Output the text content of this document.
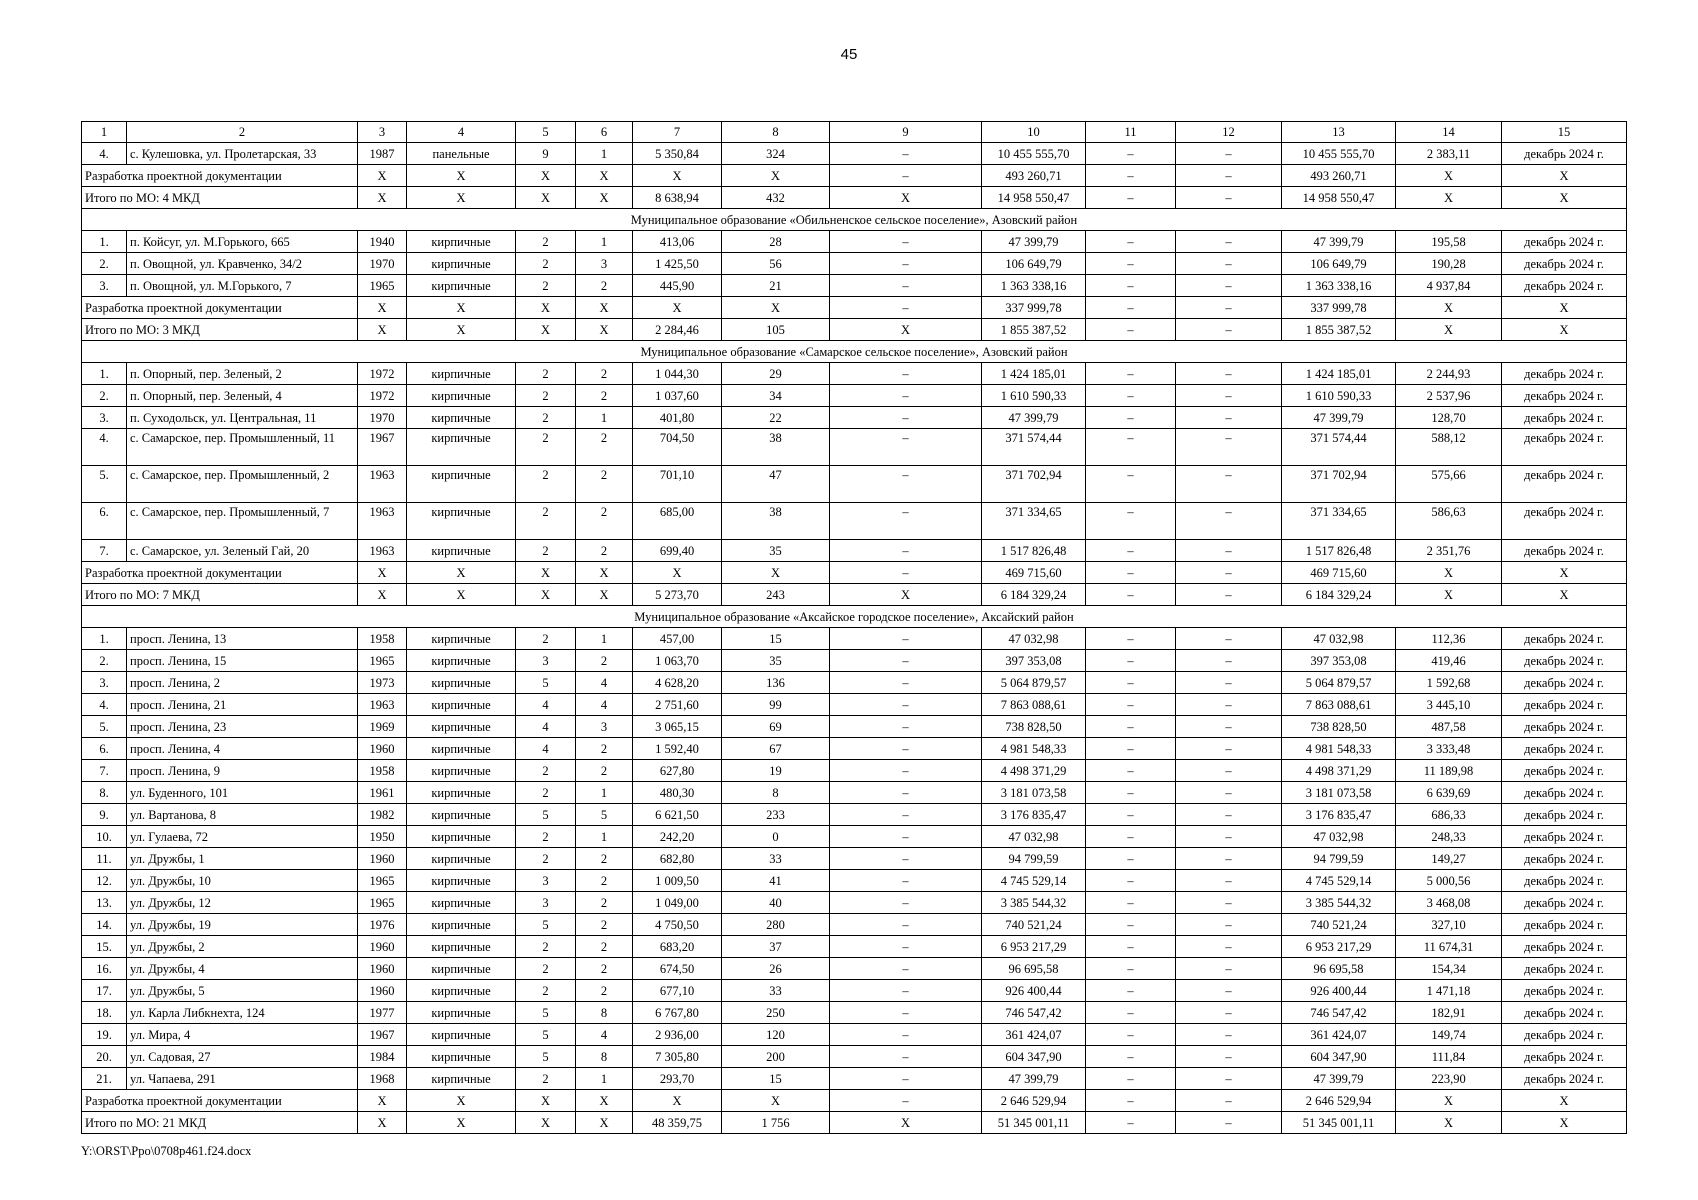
45
1	2	3	4	5	6	7	8	9	10	11	12	13	14	15
4.	с. Кулешовка, ул. Пролетарская, 33	1987	панельные	9	1	5 350,84	324	–	10 455 555,70	–	–	10 455 555,70	2 383,11	декабрь 2024 г.
Разработка проектной документации		X	X	X	X	X	X	–	493 260,71	–	–	493 260,71	X	X
Итого по МО: 4 МКД		X	X	X	X	8 638,94	432	X	14 958 550,47	–	–	14 958 550,47	X	X
Муниципальное образование «Обильненское сельское поселение», Азовский район														
1.	п. Койсуг, ул. М.Горького, 665	1940	кирпичные	2	1	413,06	28	–	47 399,79	–	–	47 399,79	195,58	декабрь 2024 г.
2.	п. Овощной, ул. Кравченко, 34/2	1970	кирпичные	2	3	1 425,50	56	–	106 649,79	–	–	106 649,79	190,28	декабрь 2024 г.
3.	п. Овощной, ул. М.Горького, 7	1965	кирпичные	2	2	445,90	21	–	1 363 338,16	–	–	1 363 338,16	4 937,84	декабрь 2024 г.
Разработка проектной документации		X	X	X	X	X	X	–	337 999,78	–	–	337 999,78	X	X
Итого по МО: 3 МКД		X	X	X	X	2 284,46	105	X	1 855 387,52	–	–	1 855 387,52	X	X
Муниципальное образование «Самарское сельское поселение», Азовский район														
1.	п. Опорный, пер. Зеленый, 2	1972	кирпичные	2	2	1 044,30	29	–	1 424 185,01	–	–	1 424 185,01	2 244,93	декабрь 2024 г.
2.	п. Опорный, пер. Зеленый, 4	1972	кирпичные	2	2	1 037,60	34	–	1 610 590,33	–	–	1 610 590,33	2 537,96	декабрь 2024 г.
3.	п. Суходольск, ул. Центральная, 11	1970	кирпичные	2	1	401,80	22	–	47 399,79	–	–	47 399,79	128,70	декабрь 2024 г.
4.	с. Самарское, пер. Промышленный, 11	1967	кирпичные	2	2	704,50	38	–	371 574,44	–	–	371 574,44	588,12	декабрь 2024 г.
5.	с. Самарское, пер. Промышленный, 2	1963	кирпичные	2	2	701,10	47	–	371 702,94	–	–	371 702,94	575,66	декабрь 2024 г.
6.	с. Самарское, пер. Промышленный, 7	1963	кирпичные	2	2	685,00	38	–	371 334,65	–	–	371 334,65	586,63	декабрь 2024 г.
7.	с. Самарское, ул. Зеленый Гай, 20	1963	кирпичные	2	2	699,40	35	–	1 517 826,48	–	–	1 517 826,48	2 351,76	декабрь 2024 г.
Разработка проектной документации		X	X	X	X	X	X	–	469 715,60	–	–	469 715,60	X	X
Итого по МО: 7 МКД		X	X	X	X	5 273,70	243	X	6 184 329,24	–	–	6 184 329,24	X	X
Муниципальное образование «Аксайское городское поселение», Аксайский район														
1.	просп. Ленина, 13	1958	кирпичные	2	1	457,00	15	–	47 032,98	–	–	47 032,98	112,36	декабрь 2024 г.
2.	просп. Ленина, 15	1965	кирпичные	3	2	1 063,70	35	–	397 353,08	–	–	397 353,08	419,46	декабрь 2024 г.
3.	просп. Ленина, 2	1973	кирпичные	5	4	4 628,20	136	–	5 064 879,57	–	–	5 064 879,57	1 592,68	декабрь 2024 г.
4.	просп. Ленина, 21	1963	кирпичные	4	4	2 751,60	99	–	7 863 088,61	–	–	7 863 088,61	3 445,10	декабрь 2024 г.
5.	просп. Ленина, 23	1969	кирпичные	4	3	3 065,15	69	–	738 828,50	–	–	738 828,50	487,58	декабрь 2024 г.
6.	просп. Ленина, 4	1960	кирпичные	4	2	1 592,40	67	–	4 981 548,33	–	–	4 981 548,33	3 333,48	декабрь 2024 г.
7.	просп. Ленина, 9	1958	кирпичные	2	2	627,80	19	–	4 498 371,29	–	–	4 498 371,29	11 189,98	декабрь 2024 г.
8.	ул. Буденного, 101	1961	кирпичные	2	1	480,30	8	–	3 181 073,58	–	–	3 181 073,58	6 639,69	декабрь 2024 г.
9.	ул. Вартанова, 8	1982	кирпичные	5	5	6 621,50	233	–	3 176 835,47	–	–	3 176 835,47	686,33	декабрь 2024 г.
10.	ул. Гулаева, 72	1950	кирпичные	2	1	242,20	0	–	47 032,98	–	–	47 032,98	248,33	декабрь 2024 г.
11.	ул. Дружбы, 1	1960	кирпичные	2	2	682,80	33	–	94 799,59	–	–	94 799,59	149,27	декабрь 2024 г.
12.	ул. Дружбы, 10	1965	кирпичные	3	2	1 009,50	41	–	4 745 529,14	–	–	4 745 529,14	5 000,56	декабрь 2024 г.
13.	ул. Дружбы, 12	1965	кирпичные	3	2	1 049,00	40	–	3 385 544,32	–	–	3 385 544,32	3 468,08	декабрь 2024 г.
14.	ул. Дружбы, 19	1976	кирпичные	5	2	4 750,50	280	–	740 521,24	–	–	740 521,24	327,10	декабрь 2024 г.
15.	ул. Дружбы, 2	1960	кирпичные	2	2	683,20	37	–	6 953 217,29	–	–	6 953 217,29	11 674,31	декабрь 2024 г.
16.	ул. Дружбы, 4	1960	кирпичные	2	2	674,50	26	–	96 695,58	–	–	96 695,58	154,34	декабрь 2024 г.
17.	ул. Дружбы, 5	1960	кирпичные	2	2	677,10	33	–	926 400,44	–	–	926 400,44	1 471,18	декабрь 2024 г.
18.	ул. Карла Либкнехта, 124	1977	кирпичные	5	8	6 767,80	250	–	746 547,42	–	–	746 547,42	182,91	декабрь 2024 г.
19.	ул. Мира, 4	1967	кирпичные	5	4	2 936,00	120	–	361 424,07	–	–	361 424,07	149,74	декабрь 2024 г.
20.	ул. Садовая, 27	1984	кирпичные	5	8	7 305,80	200	–	604 347,90	–	–	604 347,90	111,84	декабрь 2024 г.
21.	ул. Чапаева, 291	1968	кирпичные	2	1	293,70	15	–	47 399,79	–	–	47 399,79	223,90	декабрь 2024 г.
Разработка проектной документации		X	X	X	X	X	X	–	2 646 529,94	–	–	2 646 529,94	X	X
Итого по МО: 21 МКД		X	X	X	X	48 359,75	1 756	X	51 345 001,11	–	–	51 345 001,11	X	X
Y:\ORST\Ppo\0708p461.f24.docx
